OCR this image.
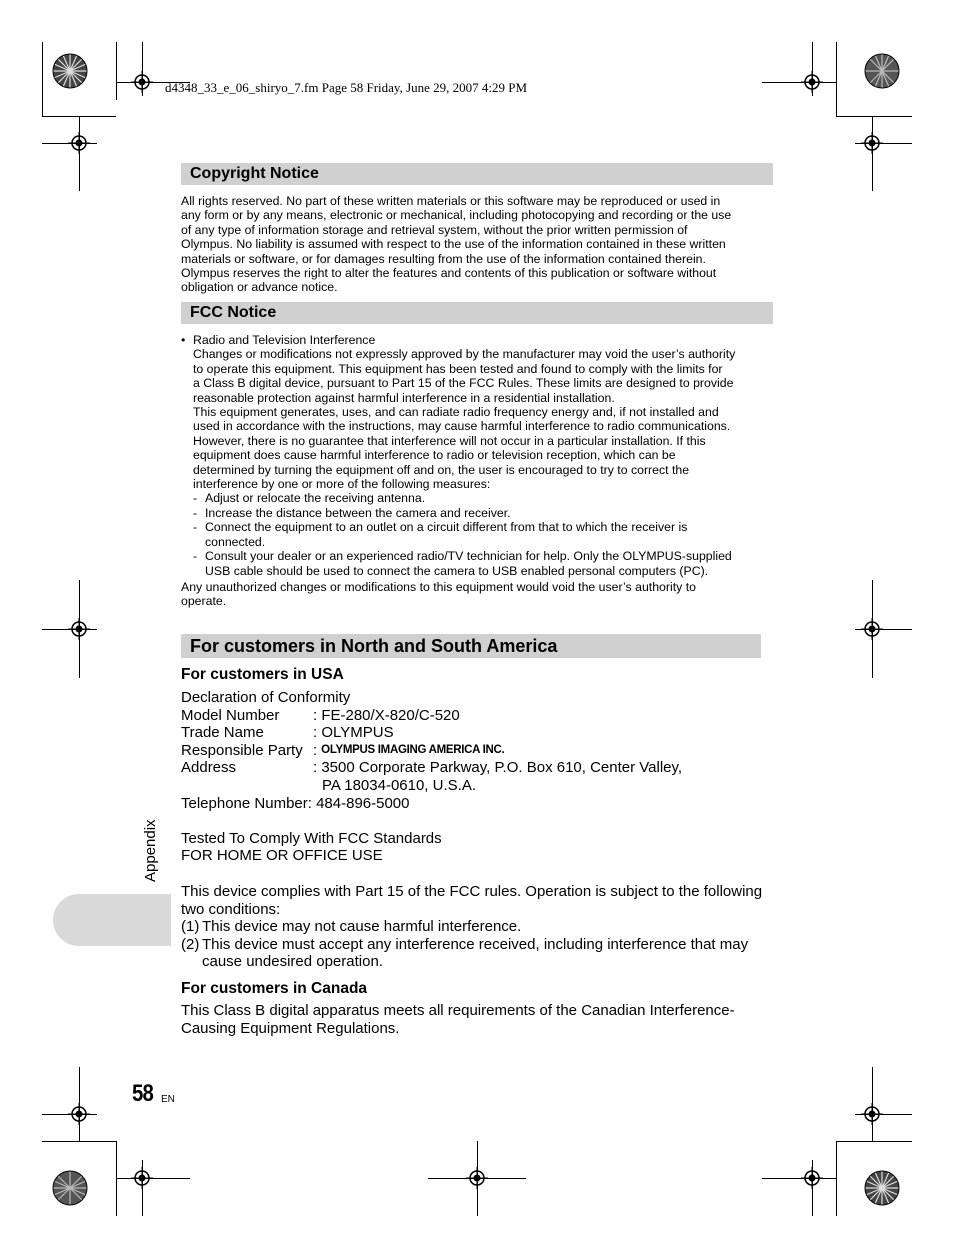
d4348_33_e_06_shiryo_7.fm Page 58 Friday, June 29, 2007 4:29 PM
Copyright Notice
All rights reserved. No part of these written materials or this software may be reproduced or used in
any form or by any means, electronic or mechanical, including photocopying and recording or the use
of any type of information storage and retrieval system, without the prior written permission of
Olympus. No liability is assumed with respect to the use of the information contained in these written
materials or software, or for damages resulting from the use of the information contained therein.
Olympus reserves the right to alter the features and contents of this publication or software without
obligation or advance notice.
FCC Notice
• Radio and Television Interference
Changes or modifications not expressly approved by the manufacturer may void the user’s authority
to operate this equipment. This equipment has been tested and found to comply with the limits for
a Class B digital device, pursuant to Part 15 of the FCC Rules. These limits are designed to provide
reasonable protection against harmful interference in a residential installation.
This equipment generates, uses, and can radiate radio frequency energy and, if not installed and
used in accordance with the instructions, may cause harmful interference to radio communications.
However, there is no guarantee that interference will not occur in a particular installation. If this
equipment does cause harmful interference to radio or television reception, which can be
determined by turning the equipment off and on, the user is encouraged to try to correct the
interference by one or more of the following measures:
- Adjust or relocate the receiving antenna.
- Increase the distance between the camera and receiver.
- Connect the equipment to an outlet on a circuit different from that to which the receiver is
connected.
- Consult your dealer or an experienced radio/TV technician for help. Only the OLYMPUS-supplied
USB cable should be used to connect the camera to USB enabled personal computers (PC).
Any unauthorized changes or modifications to this equipment would void the user’s authority to
operate.
For customers in North and South America
For customers in USA
Declaration of Conformity
Model Number	: FE-280/X-820/C-520
Trade Name	: OLYMPUS
Responsible Party : OLYMPUS IMAGING AMERICA INC.
Address	: 3500 Corporate Parkway, P.O. Box 610, Center Valley,
PA 18034-0610, U.S.A.
Telephone Number: 484-896-5000
Tested To Comply With FCC Standards
FOR HOME OR OFFICE USE
This device complies with Part 15 of the FCC rules. Operation is subject to the following
two conditions:
(1) This device may not cause harmful interference.
(2) This device must accept any interference received, including interference that may
cause undesired operation.
For customers in Canada
This Class B digital apparatus meets all requirements of the Canadian Interference-
Causing Equipment Regulations.
Appendix
58 EN
